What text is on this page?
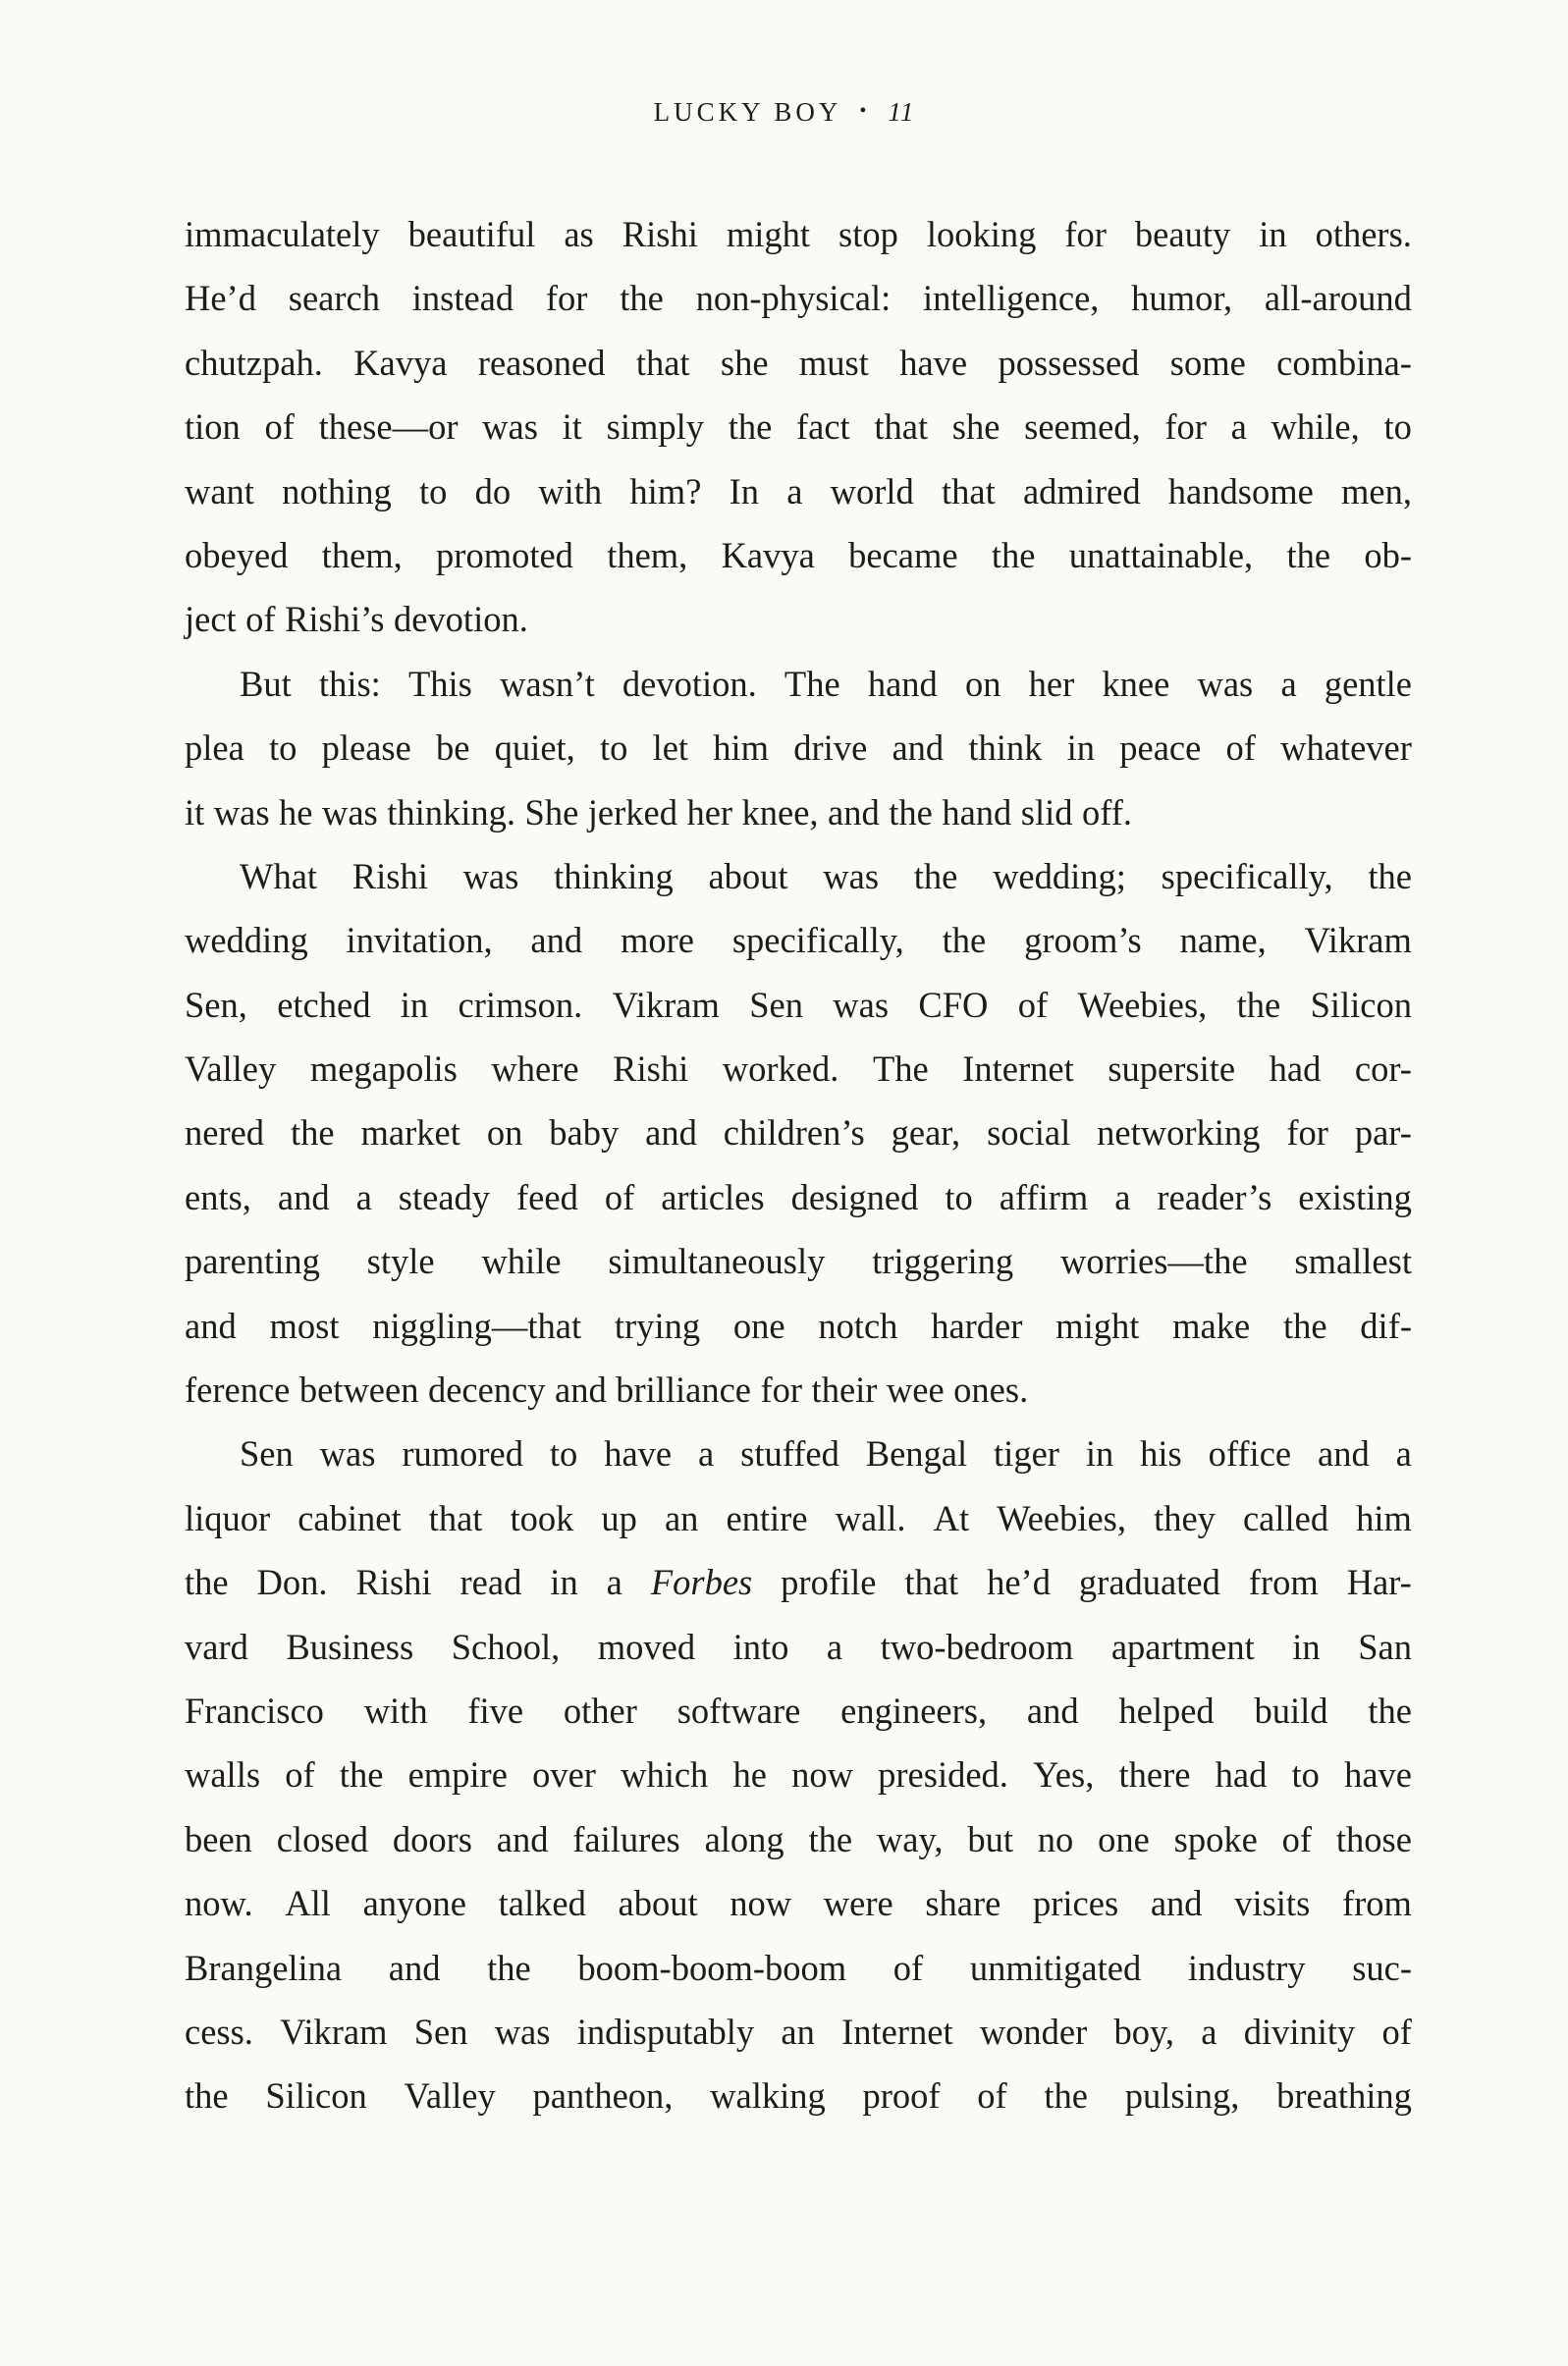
LUCKY BOY • 11
immaculately beautiful as Rishi might stop looking for beauty in others.
He’d search instead for the non-physical: intelligence, humor, all-around
chutzpah. Kavya reasoned that she must have possessed some combina-
tion of these—or was it simply the fact that she seemed, for a while, to
want nothing to do with him? In a world that admired handsome men,
obeyed them, promoted them, Kavya became the unattainable, the ob-
ject of Rishi’s devotion.
But this: This wasn’t devotion. The hand on her knee was a gentle
plea to please be quiet, to let him drive and think in peace of whatever
it was he was thinking. She jerked her knee, and the hand slid off.
What Rishi was thinking about was the wedding; specifically, the
wedding invitation, and more specifically, the groom’s name, Vikram
Sen, etched in crimson. Vikram Sen was CFO of Weebies, the Silicon
Valley megapolis where Rishi worked. The Internet supersite had cor-
nered the market on baby and children’s gear, social networking for par-
ents, and a steady feed of articles designed to affirm a reader’s existing
parenting style while simultaneously triggering worries—the smallest
and most niggling—that trying one notch harder might make the dif-
ference between decency and brilliance for their wee ones.
Sen was rumored to have a stuffed Bengal tiger in his office and a
liquor cabinet that took up an entire wall. At Weebies, they called him
the Don. Rishi read in a Forbes profile that he’d graduated from Har-
vard Business School, moved into a two-bedroom apartment in San
Francisco with five other software engineers, and helped build the
walls of the empire over which he now presided. Yes, there had to have
been closed doors and failures along the way, but no one spoke of those
now. All anyone talked about now were share prices and visits from
Brangelina and the boom-boom-boom of unmitigated industry suc-
cess. Vikram Sen was indisputably an Internet wonder boy, a divinity of
the Silicon Valley pantheon, walking proof of the pulsing, breathing
